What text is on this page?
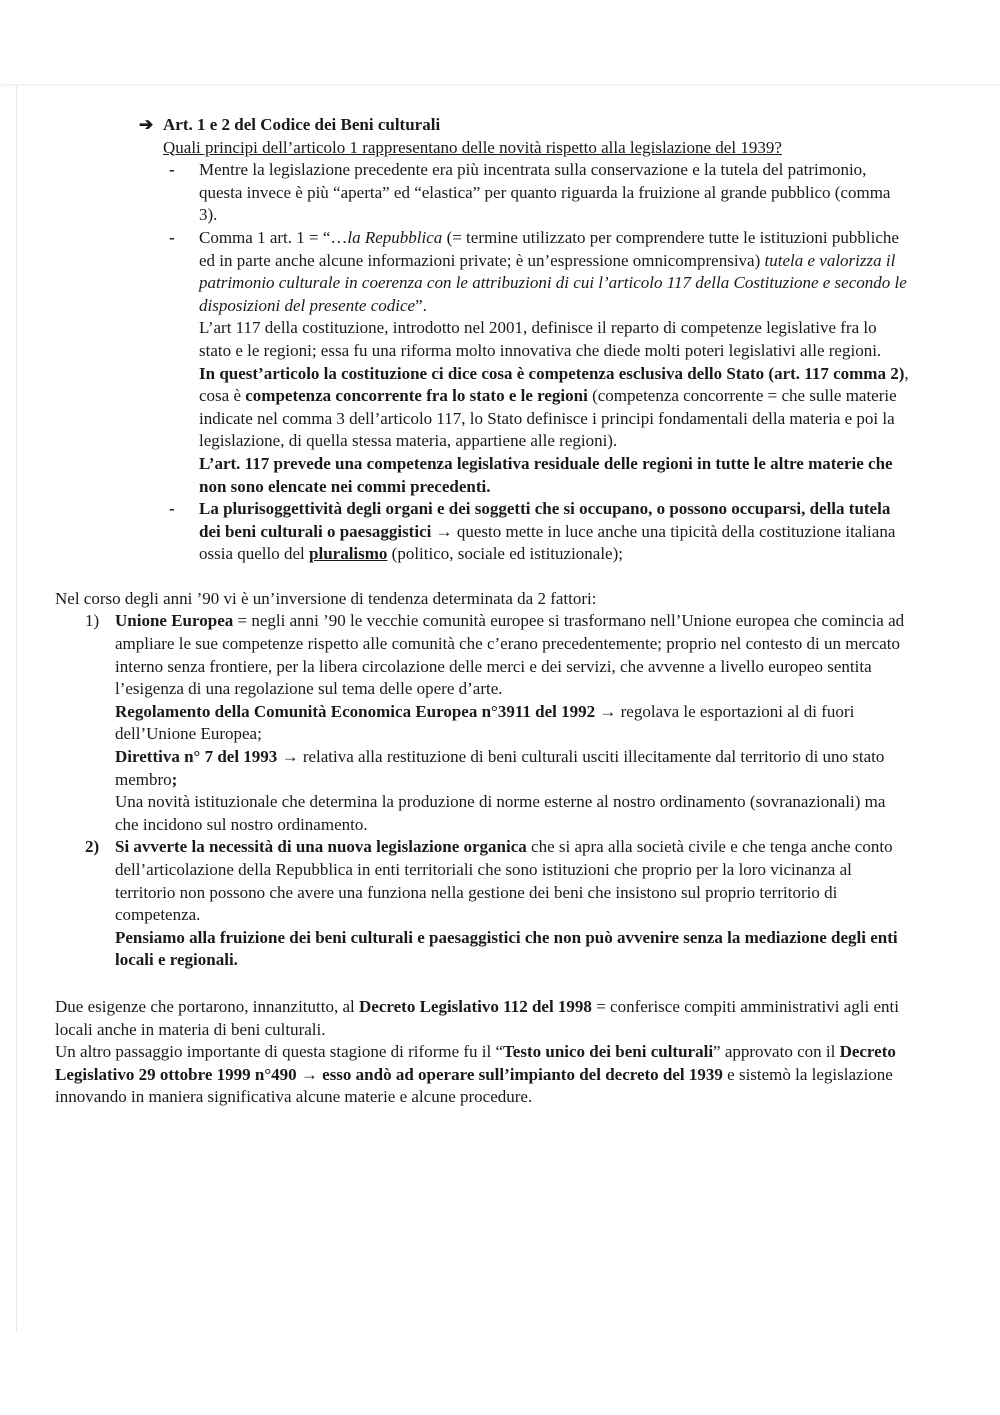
➔ Art. 1 e 2 del Codice dei Beni culturali
Quali principi dell’articolo 1 rappresentano delle novità rispetto alla legislazione del 1939?
- Mentre la legislazione precedente era più incentrata sulla conservazione e la tutela del patrimonio, questa invece è più “aperta” ed “elastica” per quanto riguarda la fruizione al grande pubblico (comma 3).

- Comma 1 art. 1 = “…la Repubblica (= termine utilizzato per comprendere tutte le istituzioni pubbliche ed in parte anche alcune informazioni private; è un’espressione omnicomprensiva) tutela e valorizza il patrimonio culturale in coerenza con le attribuzioni di cui l’articolo 117 della Costituzione e secondo le disposizioni del presente codice”.

L’art 117 della costituzione, introdotto nel 2001, definisce il reparto di competenze legislative fra lo stato e le regioni; essa fu una riforma molto innovativa che diede molti poteri legislativi alle regioni.

In quest’articolo la costituzione ci dice cosa è competenza esclusiva dello Stato (art. 117 comma 2), cosa è competenza concorrente fra lo stato e le regioni (competenza concorrente = che sulle materie indicate nel comma 3 dell’articolo 117, lo Stato definisce i principi fondamentali della materia e poi la legislazione, di quella stessa materia, appartiene alle regioni).

L’art. 117 prevede una competenza legislativa residuale delle regioni in tutte le altre materie che non sono elencate nei commi precedenti.

- La plurisoggettività degli organi e dei soggetti che si occupano, o possono occuparsi, della tutela dei beni culturali o paesaggistici → questo mette in luce anche una tipicità della costituzione italiana ossia quello del pluralismo (politico, sociale ed istituzionale);

Nel corso degli anni ’90 vi è un’inversione di tendenza determinata da 2 fattori:

1) Unione Europea = negli anni ’90 le vecchie comunità europee si trasformano nell’Unione europea che comincia ad ampliare le sue competenze rispetto alle comunità che c’erano precedentemente; proprio nel contesto di un mercato interno senza frontiere, per la libera circolazione delle merci e dei servizi, che avvenne a livello europeo sentita l’esigenza di una regolazione sul tema delle opere d’arte.

Regolamento della Comunità Economica Europea n°3911 del 1992 → regolava le esportazioni al di fuori dell’Unione Europea;

Direttiva n° 7 del 1993 → relativa alla restituzione di beni culturali usciti illecitamente dal territorio di uno stato membro;

Una novità istituzionale che determina la produzione di norme esterne al nostro ordinamento (sovranazionali) ma che incidono sul nostro ordinamento.

2) Si avverte la necessità di una nuova legislazione organica che si apra alla società civile e che tenga anche conto dell’articolazione della Repubblica in enti territoriali che sono istituzioni che proprio per la loro vicinanza al territorio non possono che avere una funziona nella gestione dei beni che insistono sul proprio territorio di competenza.

Pensiamo alla fruizione dei beni culturali e paesaggistici che non può avvenire senza la mediazione degli enti locali e regionali.

Due esigenze che portarono, innanzitutto, al Decreto Legislativo 112 del 1998 = conferisce compiti amministrativi agli enti locali anche in materia di beni culturali.

Un altro passaggio importante di questa stagione di riforme fu il “Testo unico dei beni culturali” approvato con il Decreto Legislativo 29 ottobre 1999 n°490 → esso andò ad operare sull’impianto del decreto del 1939 e sistemò la legislazione innovando in maniera significativa alcune materie e alcune procedure.
